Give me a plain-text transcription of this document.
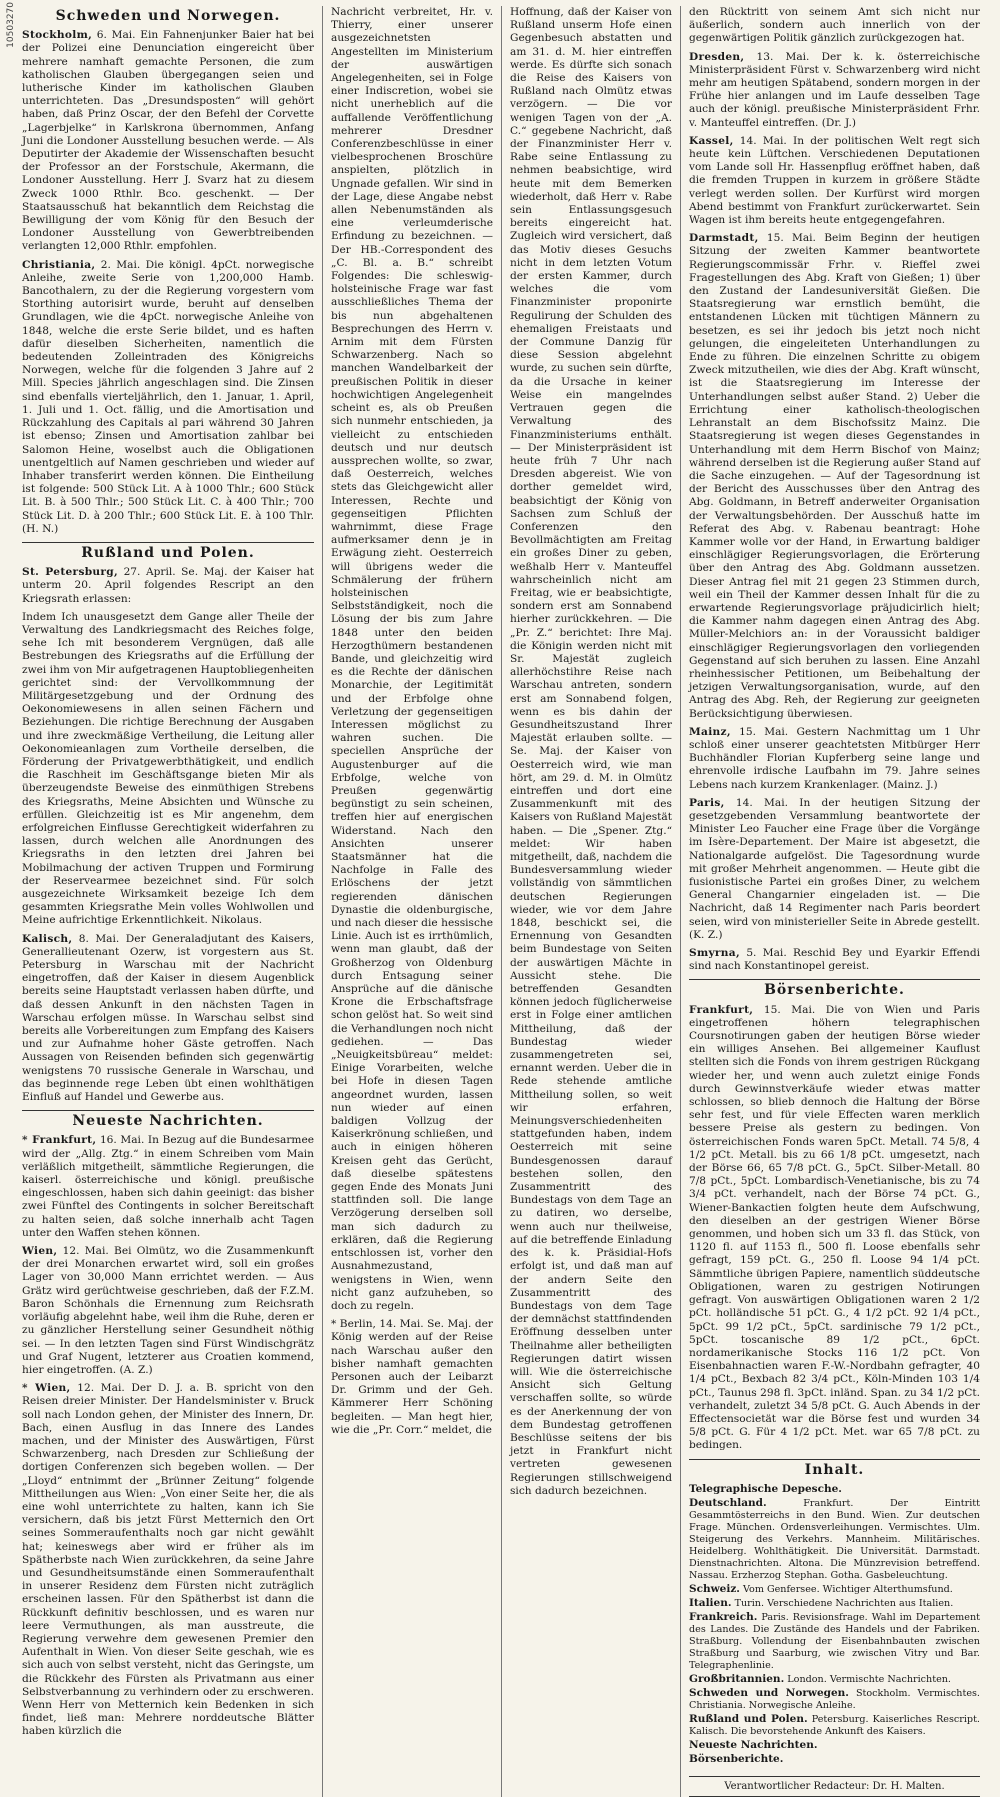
10503270	Schweden und Norwegen.

Stockholm, 6. Mai. Ein Fahnenjunker Baier hat bei der Polizei eine Denunciation eingereicht über mehrere namhaft gemachte Personen, die zum katholischen Glauben übergegangen seien und lutherische Kinder im katholischen Glauben unterrichteten. Das „Dresundsposten“ will gehört haben, daß Prinz Oscar, der den Befehl der Corvette „Lagerbjelke“ in Karlskrona übernommen, Anfang Juni die Londoner Ausstellung besuchen werde. — Als Deputirter der Akademie der Wissenschaften besucht der Professor an der Forstschule, Akermann, die Londoner Ausstellung. Herr J. Svarz hat zu diesem Zweck 1000 Rthlr. Bco. geschenkt. — Der Staatsausschuß hat bekanntlich dem Reichstag die Bewilligung der vom König für den Besuch der Londoner Ausstellung von Gewerbtreibenden verlangten 12,000 Rthlr. empfohlen.

Christiania, 2. Mai. Die königl. 4pCt. norwegische Anleihe, zweite Serie von 1,200,000 Hamb. Bancothalern, zu der die Regierung vorgestern vom Storthing autorisirt wurde, beruht auf denselben Grundlagen, wie die 4pCt. norwegische Anleihe von 1848, welche die erste Serie bildet, und es haften dafür dieselben Sicherheiten, namentlich die bedeutenden Zolleintraden des Königreichs Norwegen, welche für die folgenden 3 Jahre auf 2 Mill. Species jährlich angeschlagen sind. Die Zinsen sind ebenfalls vierteljährlich, den 1. Januar, 1. April, 1. Juli und 1. Oct. fällig, und die Amortisation und Rückzahlung des Capitals al pari während 30 Jahren ist ebenso; Zinsen und Amortisation zahlbar bei Salomon Heine, woselbst auch die Obligationen unentgeltlich auf Namen geschrieben und wieder auf Inhaber transferirt werden können. Die Eintheilung ist folgende: 500 Stück Lit. A à 1000 Thlr.; 600 Stück Lit. B. à 500 Thlr.; 500 Stück Lit. C. à 400 Thlr.; 700 Stück Lit. D. à 200 Thlr.; 600 Stück Lit. E. à 100 Thlr. (H. N.)

Rußland und Polen.

St. Petersburg, 27. April. Se. Maj. der Kaiser hat unterm 20. April folgendes Rescript an den Kriegsrath erlassen:

Indem Ich unausgesetzt dem Gange aller Theile der Verwaltung des Landkriegsmacht des Reiches folge, sehe Ich mit besonderem Vergnügen, daß alle Bestrebungen des Kriegsraths auf die Erfüllung der zwei ihm von Mir aufgetragenen Hauptobliegenheiten gerichtet sind: der Vervollkommnung der Militärgesetzgebung und der Ordnung des Oekonomiewesens in allen seinen Fächern und Beziehungen. Die richtige Berechnung der Ausgaben und ihre zweckmäßige Vertheilung, die Leitung aller Oekonomieanlagen zum Vortheile derselben, die Förderung der Privatgewerbthätigkeit, und endlich die Raschheit im Geschäftsgange bieten Mir als überzeugendste Beweise des einmüthigen Strebens des Kriegsraths, Meine Absichten und Wünsche zu erfüllen. Gleichzeitig ist es Mir angenehm, dem erfolgreichen Einflusse Gerechtigkeit widerfahren zu lassen, durch welchen alle Anordnungen des Kriegsraths in den letzten drei Jahren bei Mobilmachung der activen Truppen und Formirung der Reservearmee bezeichnet sind. Für solch ausgezeichnete Wirksamkeit bezeige Ich dem gesammten Kriegsrathe Mein volles Wohlwollen und Meine aufrichtige Erkenntlichkeit. Nikolaus.

Kalisch, 8. Mai. Der Generaladjutant des Kaisers, Generallieutenant Ozerw, ist vorgestern aus St. Petersburg in Warschau mit der Nachricht eingetroffen, daß der Kaiser in diesem Augenblick bereits seine Hauptstadt verlassen haben dürfte, und daß dessen Ankunft in den nächsten Tagen in Warschau erfolgen müsse. In Warschau selbst sind bereits alle Vorbereitungen zum Empfang des Kaisers und zur Aufnahme hoher Gäste getroffen. Nach Aussagen von Reisenden befinden sich gegenwärtig wenigstens 70 russische Generale in Warschau, und das beginnende rege Leben übt einen wohlthätigen Einfluß auf Handel und Gewerbe aus.

Neueste Nachrichten.

* Frankfurt, 16. Mai. In Bezug auf die Bundesarmee wird der „Allg. Ztg.“ in einem Schreiben vom Main verläßlich mitgetheilt, sämmtliche Regierungen, die kaiserl. österreichische und königl. preußische eingeschlossen, haben sich dahin geeinigt: das bisher zwei Fünftel des Contingents in solcher Bereitschaft zu halten seien, daß solche innerhalb acht Tagen unter den Waffen stehen können.

Wien, 12. Mai. Bei Olmütz, wo die Zusammenkunft der drei Monarchen erwartet wird, soll ein großes Lager von 30,000 Mann errichtet werden. — Aus Grätz wird gerüchtweise geschrieben, daß der F.Z.M. Baron Schönhals die Ernennung zum Reichsrath vorläufig abgelehnt habe, weil ihm die Ruhe, deren er zu gänzlicher Herstellung seiner Gesundheit nöthig sei. — In den letzten Tagen sind Fürst Windischgrätz und Graf Nugent, letzterer aus Croatien kommend, hier eingetroffen. (A. Z.)

* Wien, 12. Mai. Der D. J. a. B. spricht von den Reisen dreier Minister. Der Handelsminister v. Bruck soll nach London gehen, der Minister des Innern, Dr. Bach, einen Ausflug in das Innere des Landes machen, und der Minister des Auswärtigen, Fürst Schwarzenberg, nach Dresden zur Schließung der dortigen Conferenzen sich begeben wollen. — Der „Lloyd“ entnimmt der „Brünner Zeitung“ folgende Mittheilungen aus Wien: „Von einer Seite her, die als eine wohl unterrichtete zu halten, kann ich Sie versichern, daß bis jetzt Fürst Metternich den Ort seines Sommeraufenthalts noch gar nicht gewählt hat; keineswegs aber wird er früher als im Spätherbste nach Wien zurückkehren, da seine Jahre und Gesundheitsumstände einen Sommeraufenthalt in unserer Residenz dem Fürsten nicht zuträglich erscheinen lassen. Für den Spätherbst ist dann die Rückkunft definitiv beschlossen, und es waren nur leere Vermuthungen, als man ausstreute, die Regierung verwehre dem gewesenen Premier den Aufenthalt in Wien. Von dieser Seite geschah, wie es sich auch von selbst versteht, nicht das Geringste, um die Rückkehr des Fürsten als Privatmann aus einer Selbstverbannung zu verhindern oder zu erschweren. Wenn Herr von Metternich kein Bedenken in sich findet, ließ man: Mehrere norddeutsche Blätter haben kürzlich die

Nachricht verbreitet, Hr. v. Thierry, einer unserer ausgezeichnetsten Angestellten im Ministerium der auswärtigen Angelegenheiten, sei in Folge einer Indiscretion, wobei sie nicht unerheblich auf die auffallende Veröffentlichung mehrerer Dresdner Conferenzbeschlüsse in einer vielbesprochenen Broschüre anspielten, plötzlich in Ungnade gefallen. Wir sind in der Lage, diese Angabe nebst allen Nebenumständen als eine verleumderische Erfindung zu bezeichnen. — Der HB.-Correspondent des „C. Bl. a. B.“ schreibt Folgendes: Die schleswig-holsteinische Frage war fast ausschließliches Thema der bis nun abgehaltenen Besprechungen des Herrn v. Arnim mit dem Fürsten Schwarzenberg. Nach so manchen Wandelbarkeit der preußischen Politik in dieser hochwichtigen Angelegenheit scheint es, als ob Preußen sich nunmehr entschieden, ja vielleicht zu entschieden deutsch und nur deutsch aussprechen wollte, so zwar, daß Oesterreich, welches stets das Gleichgewicht aller Interessen, Rechte und gegenseitigen Pflichten wahrnimmt, diese Frage aufmerksamer denn je in Erwägung zieht. Oesterreich will übrigens weder die Schmälerung der frühern holsteinischen Selbstständigkeit, noch die Lösung der bis zum Jahre 1848 unter den beiden Herzogthümern bestandenen Bande, und gleichzeitig wird es die Rechte der dänischen Monarchie, der Legitimität und der Erbfolge ohne Verletzung der gegenseitigen Interessen möglichst zu wahren suchen. Die speciellen Ansprüche der Augustenburger auf die Erbfolge, welche von Preußen gegenwärtig begünstigt zu sein scheinen, treffen hier auf energischen Widerstand. Nach den Ansichten unserer Staatsmänner hat die Nachfolge in Falle des Erlöschens der jetzt regierenden dänischen Dynastie die oldenburgische, und nach dieser die hessische Linie. Auch ist es irrthümlich, wenn man glaubt, daß der Großherzog von Oldenburg durch Entsagung seiner Ansprüche auf die dänische Krone die Erbschaftsfrage schon gelöst hat. So weit sind die Verhandlungen noch nicht gediehen. — Das „Neuigkeitsbüreau“ meldet: Einige Vorarbeiten, welche bei Hofe in diesen Tagen angeordnet wurden, lassen nun wieder auf einen baldigen Vollzug der Kaiserkrönung schließen, und auch in einigen höheren Kreisen geht das Gerücht, daß dieselbe spätestens gegen Ende des Monats Juni stattfinden soll. Die lange Verzögerung derselben soll man sich dadurch zu erklären, daß die Regierung entschlossen ist, vorher den Ausnahmezustand, wenigstens in Wien, wenn nicht ganz aufzuheben, so doch zu regeln.

* Berlin, 14. Mai. Se. Maj. der König werden auf der Reise nach Warschau außer den bisher namhaft gemachten Personen auch der Leibarzt Dr. Grimm und der Geh. Kämmerer Herr Schöning begleiten. — Man hegt hier, wie die „Pr. Corr.“ meldet, die

Hoffnung, daß der Kaiser von Rußland unserm Hofe einen Gegenbesuch abstatten und am 31. d. M. hier eintreffen werde. Es dürfte sich sonach die Reise des Kaisers von Rußland nach Olmütz etwas verzögern. — Die vor wenigen Tagen von der „A. C.“ gegebene Nachricht, daß der Finanzminister Herr v. Rabe seine Entlassung zu nehmen beabsichtige, wird heute mit dem Bemerken wiederholt, daß Herr v. Rabe sein Entlassungsgesuch bereits eingereicht hat. Zugleich wird versichert, daß das Motiv dieses Gesuchs nicht in dem letzten Votum der ersten Kammer, durch welches die vom Finanzminister proponirte Regulirung der Schulden des ehemaligen Freistaats und der Commune Danzig für diese Session abgelehnt wurde, zu suchen sein dürfte, da die Ursache in keiner Weise ein mangelndes Vertrauen gegen die Verwaltung des Finanzministeriums enthält. — Der Ministerpräsident ist heute früh 7 Uhr nach Dresden abgereist. Wie von dorther gemeldet wird, beabsichtigt der König von Sachsen zum Schluß der Conferenzen den Bevollmächtigten am Freitag ein großes Diner zu geben, weßhalb Herr v. Manteuffel wahrscheinlich nicht am Freitag, wie er beabsichtigte, sondern erst am Sonnabend hierher zurückkehren. — Die „Pr. Z.“ berichtet: Ihre Maj. die Königin werden nicht mit Sr. Majestät zugleich allerhöchstihre Reise nach Warschau antreten, sondern erst am Sonnabend folgen, wenn es bis dahin der Gesundheitszustand Ihrer Majestät erlauben sollte. — Se. Maj. der Kaiser von Oesterreich wird, wie man hört, am 29. d. M. in Olmütz eintreffen und dort eine Zusammenkunft mit des Kaisers von Rußland Majestät haben. — Die „Spener. Ztg.“ meldet: Wir haben mitgetheilt, daß, nachdem die Bundesversammlung wieder vollständig von sämmtlichen deutschen Regierungen wieder, wie vor dem Jahre 1848, beschickt sei, die Ernennung von Gesandten beim Bundestage von Seiten der auswärtigen Mächte in Aussicht stehe. Die betreffenden Gesandten können jedoch füglicherweise erst in Folge einer amtlichen Mittheilung, daß der Bundestag wieder zusammengetreten sei, ernannt werden. Ueber die in Rede stehende amtliche Mittheilung sollen, so weit wir erfahren, Meinungsverschiedenheiten stattgefunden haben, indem Oesterreich mit seine Bundesgenossen darauf bestehen sollen, den Zusammentritt des Bundestags von dem Tage an zu datiren, wo derselbe, wenn auch nur theilweise, auf die betreffende Einladung des k. k. Präsidial-Hofs erfolgt ist, und daß man auf der andern Seite den Zusammentritt des Bundestags von dem Tage der demnächst stattfindenden Eröffnung desselben unter Theilnahme aller betheiligten Regierungen datirt wissen will. Wie die österreichische Ansicht sich Geltung verschaffen sollte, so würde es der Anerkennung der von dem Bundestag getroffenen Beschlüsse seitens der bis jetzt in Frankfurt nicht vertreten gewesenen Regierungen stillschweigend sich dadurch bezeichnen.

den Rücktritt von seinem Amt sich nicht nur äußerlich, sondern auch innerlich von der gegenwärtigen Politik gänzlich zurückgezogen hat.

Dresden, 13. Mai. Der k. k. österreichische Ministerpräsident Fürst v. Schwarzenberg wird nicht mehr am heutigen Spätabend, sondern morgen in der Frühe hier anlangen und im Laufe desselben Tage auch der königl. preußische Ministerpräsident Frhr. v. Manteuffel eintreffen. (Dr. J.)

Kassel, 14. Mai. In der politischen Welt regt sich heute kein Lüftchen. Verschiedenen Deputationen vom Lande soll Hr. Hassenpflug eröffnet haben, daß die fremden Truppen in kurzem in größere Städte verlegt werden sollen. Der Kurfürst wird morgen Abend bestimmt von Frankfurt zurückerwartet. Sein Wagen ist ihm bereits heute entgegengefahren.

Darmstadt, 15. Mai. Beim Beginn der heutigen Sitzung der zweiten Kammer beantwortete Regierungscommissär Frhr. v. Rieffel zwei Fragestellungen des Abg. Kraft von Gießen; 1) über den Zustand der Landesuniversität Gießen. Die Staatsregierung war ernstlich bemüht, die entstandenen Lücken mit tüchtigen Männern zu besetzen, es sei ihr jedoch bis jetzt noch nicht gelungen, die eingeleiteten Unterhandlungen zu Ende zu führen. Die einzelnen Schritte zu obigem Zweck mitzutheilen, wie dies der Abg. Kraft wünscht, ist die Staatsregierung im Interesse der Unterhandlungen selbst außer Stand. 2) Ueber die Errichtung einer katholisch-theologischen Lehranstalt an dem Bischofssitz Mainz. Die Staatsregierung ist wegen dieses Gegenstandes in Unterhandlung mit dem Herrn Bischof von Mainz; während derselben ist die Regierung außer Stand auf die Sache einzugehen. — Auf der Tagesordnung ist der Bericht des Ausschusses über den Antrag des Abg. Goldmann, in Betreff anderweiter Organisation der Verwaltungsbehörden. Der Ausschuß hatte im Referat des Abg. v. Rabenau beantragt: Hohe Kammer wolle vor der Hand, in Erwartung baldiger einschlägiger Regierungsvorlagen, die Erörterung über den Antrag des Abg. Goldmann aussetzen. Dieser Antrag fiel mit 21 gegen 23 Stimmen durch, weil ein Theil der Kammer dessen Inhalt für die zu erwartende Regierungsvorlage präjudicirlich hielt; die Kammer nahm dagegen einen Antrag des Abg. Müller-Melchiors an: in der Voraussicht baldiger einschlägiger Regierungsvorlagen den vorliegenden Gegenstand auf sich beruhen zu lassen. Eine Anzahl rheinhessischer Petitionen, um Beibehaltung der jetzigen Verwaltungsorganisation, wurde, auf den Antrag des Abg. Reh, der Regierung zur geeigneten Berücksichtigung überwiesen.

Mainz, 15. Mai. Gestern Nachmittag um 1 Uhr schloß einer unserer geachtetsten Mitbürger Herr Buchhändler Florian Kupferberg seine lange und ehrenvolle irdische Laufbahn im 79. Jahre seines Lebens nach kurzem Krankenlager. (Mainz. J.)

Paris, 14. Mai. In der heutigen Sitzung der gesetzgebenden Versammlung beantwortete der Minister Leo Faucher eine Frage über die Vorgänge im Isère-Departement. Der Maire ist abgesetzt, die Nationalgarde aufgelöst. Die Tagesordnung wurde mit großer Mehrheit angenommen. — Heute gibt die fusionistische Partei ein großes Diner, zu welchem General Changarnier eingeladen ist. — Die Nachricht, daß 14 Regimenter nach Paris beordert seien, wird von ministerieller Seite in Abrede gestellt. (K. Z.)

Smyrna, 5. Mai. Reschid Bey und Eyarkir Effendi sind nach Konstantinopel gereist.

Börsenberichte.

Frankfurt, 15. Mai. Die von Wien und Paris eingetroffenen höhern telegraphischen Coursnotirungen gaben der heutigen Börse wieder ein williges Ansehen. Bei allgemeiner Kauflust stellten sich die Fonds von ihrem gestrigen Rückgang wieder her, und wenn auch zuletzt einige Fonds durch Gewinnstverkäufe wieder etwas matter schlossen, so blieb dennoch die Haltung der Börse sehr fest, und für viele Effecten waren merklich bessere Preise als gestern zu bedingen. Von österreichischen Fonds waren 5pCt. Metall. 74 5/8, 4 1/2 pCt. Metall. bis zu 66 1/8 pCt. umgesetzt, nach der Börse 66, 65 7/8 pCt. G., 5pCt. Silber-Metall. 80 7/8 pCt., 5pCt. Lombardisch-Venetianische, bis zu 74 3/4 pCt. verhandelt, nach der Börse 74 pCt. G., Wiener-Bankactien folgten heute dem Aufschwung, den dieselben an der gestrigen Wiener Börse genommen, und hoben sich um 33 fl. das Stück, von 1120 fl. auf 1153 fl., 500 fl. Loose ebenfalls sehr gefragt, 159 pCt. G., 250 fl. Loose 94 1/4 pCt. Sämmtliche übrigen Papiere, namentlich süddeutsche Obligationen, waren zu gestrigen Notirungen gefragt. Von auswärtigen Obligationen waren 2 1/2 pCt. holländische 51 pCt. G., 4 1/2 pCt. 92 1/4 pCt., 5pCt. 99 1/2 pCt., 5pCt. sardinische 79 1/2 pCt., 5pCt. toscanische 89 1/2 pCt., 6pCt. nordamerikanische Stocks 116 1/2 pCt. Von Eisenbahnactien waren F.-W.-Nordbahn gefragter, 40 1/4 pCt., Bexbach 82 3/4 pCt., Köln-Minden 103 1/4 pCt., Taunus 298 fl. 3pCt. inländ. Span. zu 34 1/2 pCt. verhandelt, zuletzt 34 5/8 pCt. G. Auch Abends in der Effectensocietät war die Börse fest und wurden 34 5/8 pCt. G. Für 4 1/2 pCt. Met. war 65 7/8 pCt. zu bedingen.

Inhalt.
Telegraphische Depesche.
Deutschland.	Frankfurt. Der Eintritt Gesammtösterreichs in den Bund. Wien. Zur deutschen Frage. München. Ordensverleihungen. Vermischtes. Ulm. Steigerung des Verkehrs. Mannheim. Militärisches. Heidelberg. Wohlthätigkeit. Die Universität. Darmstadt. Dienstnachrichten. Altona. Die Münzrevision betreffend. Nassau. Erzherzog Stephan. Gotha. Gasbeleuchtung.
Schweiz. Vom Genfersee. Wichtiger Alterthumsfund.
Italien. Turin. Verschiedene Nachrichten aus Italien.
Frankreich. Paris. Revisionsfrage. Wahl im Departement des Landes. Die Zustände des Handels und der Fabriken. Straßburg. Vollendung der Eisenbahnbauten zwischen Straßburg und Saarburg, wie zwischen Vitry und Bar. Telegraphenlinie.
Großbritannien. London. Vermischte Nachrichten.
Schweden und Norwegen. Stockholm. Vermischtes. Christiania. Norwegische Anleihe.
Rußland und Polen. Petersburg. Kaiserliches Rescript. Kalisch. Die bevorstehende Ankunft des Kaisers.
Neueste Nachrichten.
Börsenberichte.
Verantwortlicher Redacteur: Dr. H. Malten.
